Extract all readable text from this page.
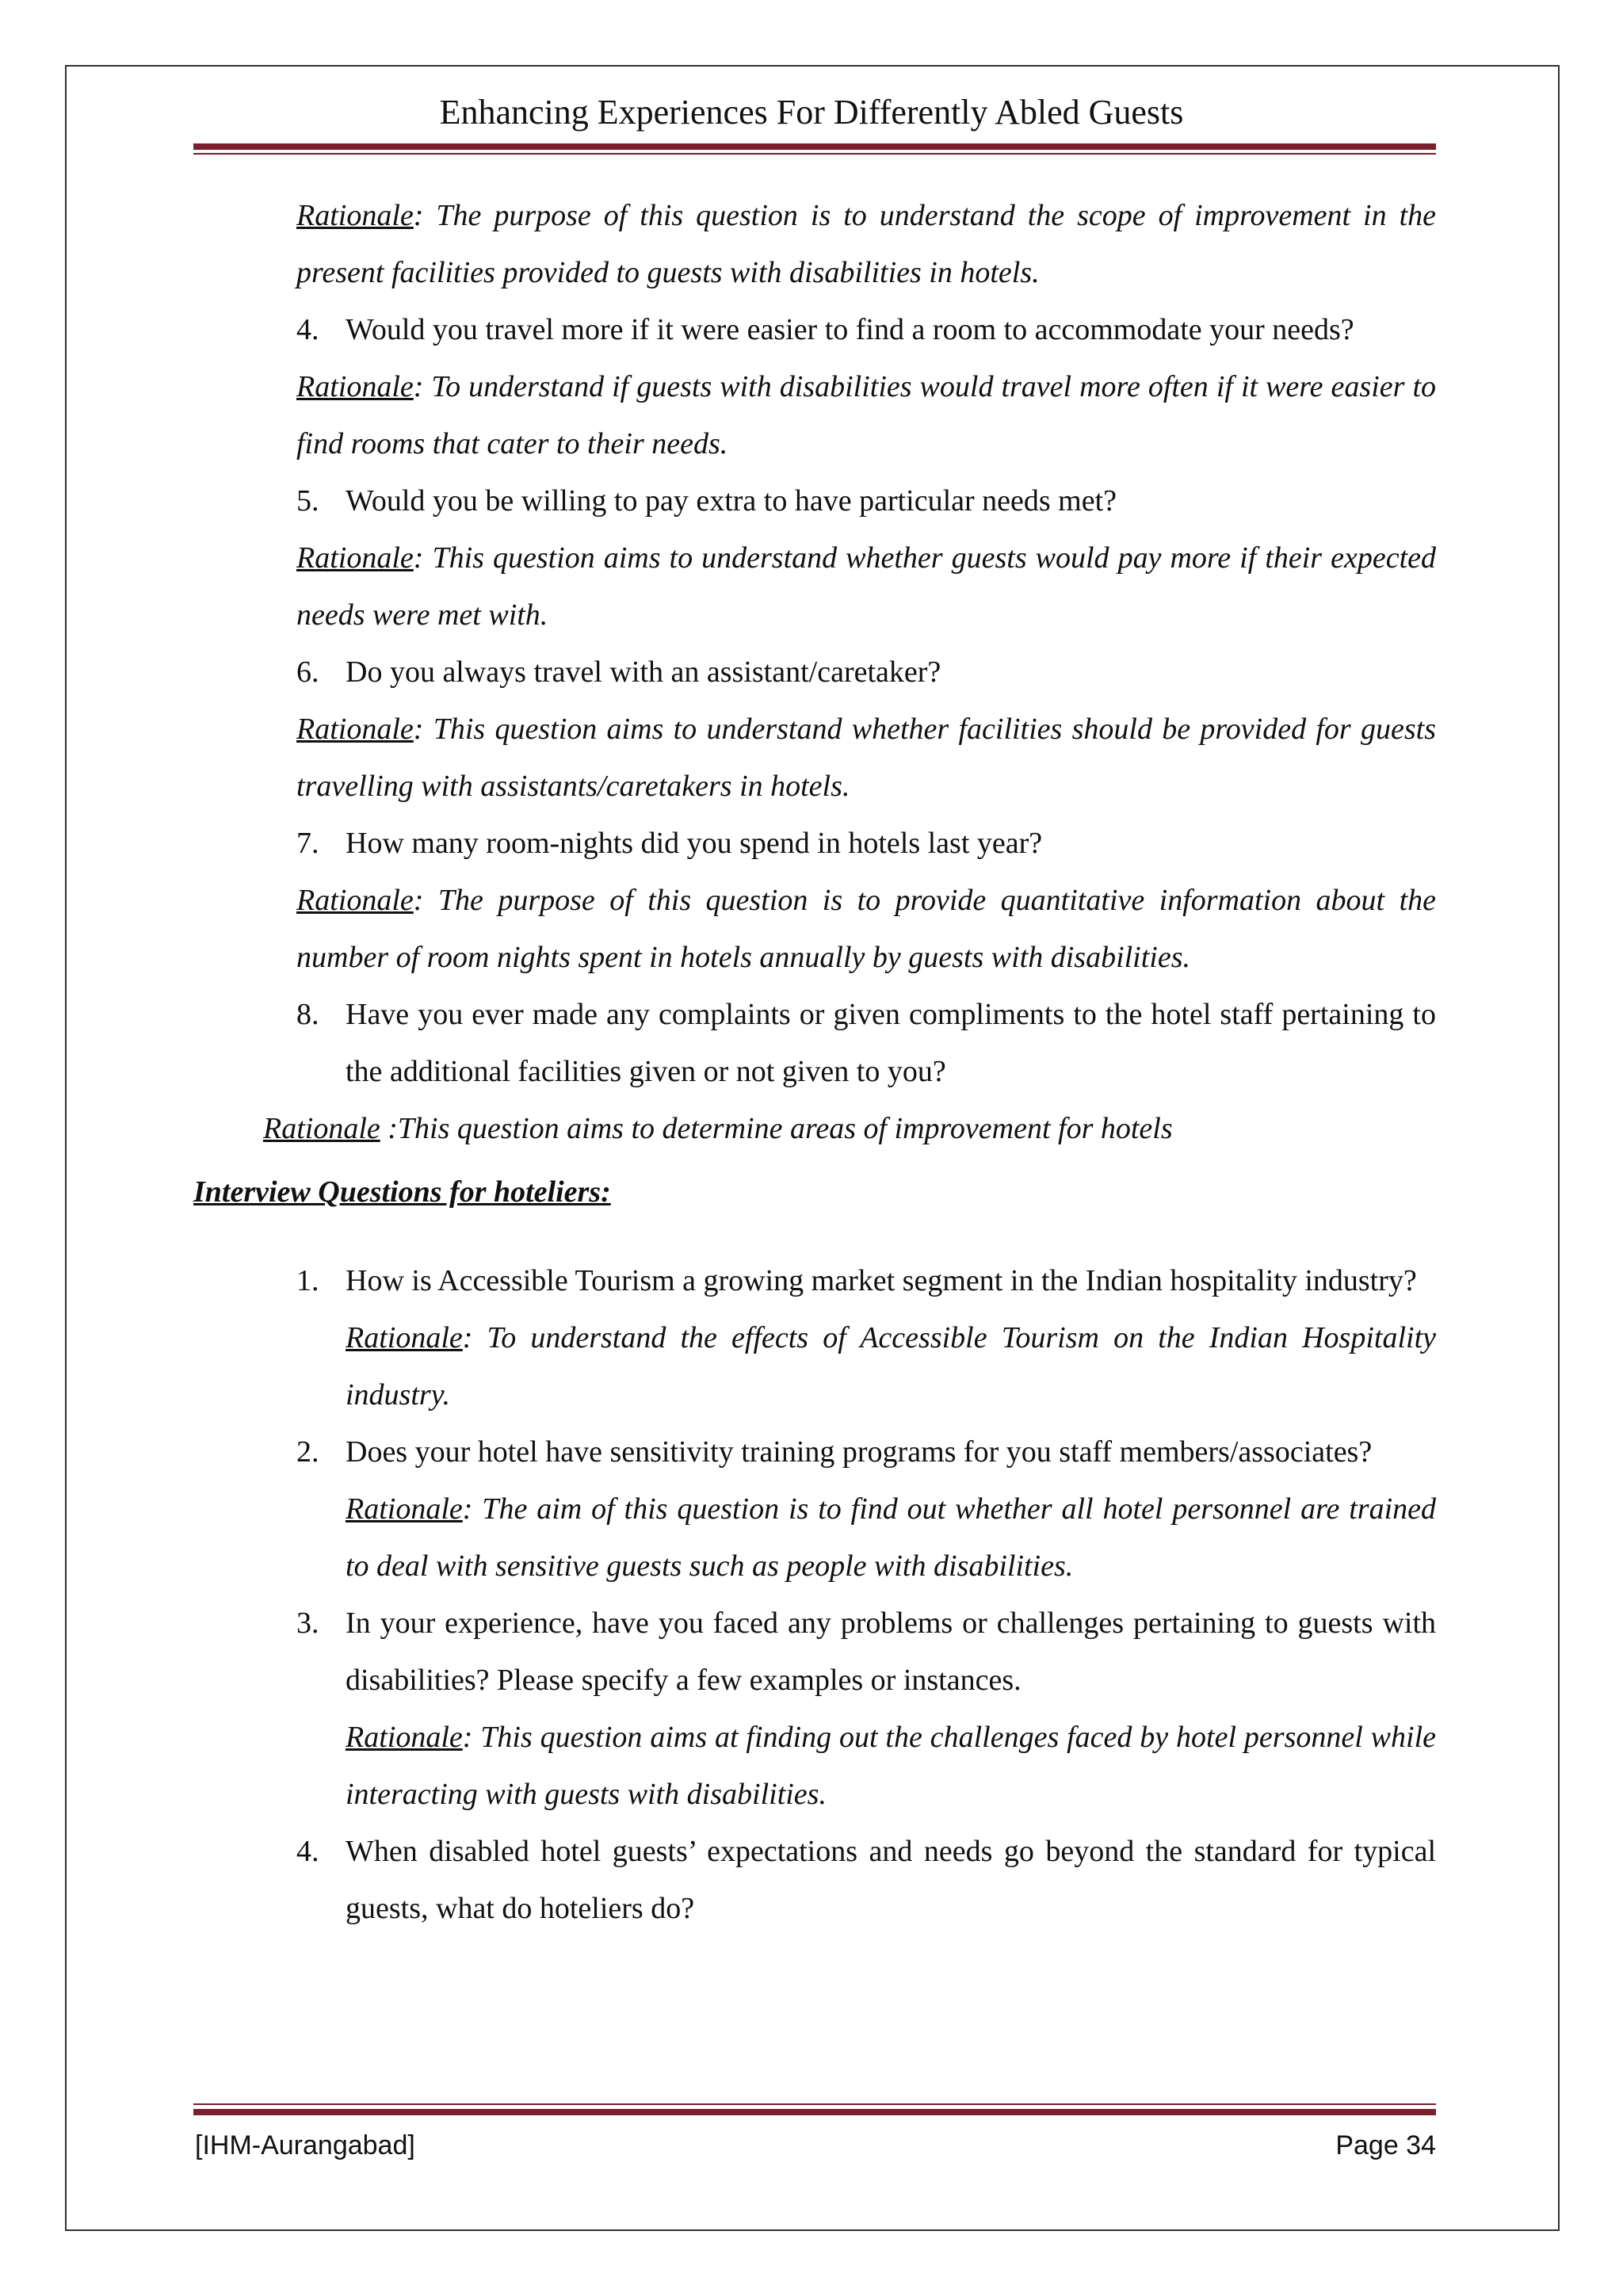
Enhancing Experiences For Differently Abled Guests

Rationale: The purpose of this question is to understand the scope of improvement in the present facilities provided to guests with disabilities in hotels.

4. Would you travel more if it were easier to find a room to accommodate your needs?

Rationale: To understand if guests with disabilities would travel more often if it were easier to find rooms that cater to their needs.

5. Would you be willing to pay extra to have particular needs met?

Rationale: This question aims to understand whether guests would pay more if their expected needs were met with.

6. Do you always travel with an assistant/caretaker?

Rationale: This question aims to understand whether facilities should be provided for guests travelling with assistants/caretakers in hotels.

7. How many room-nights did you spend in hotels last year?

Rationale: The purpose of this question is to provide quantitative information about the number of room nights spent in hotels annually by guests with disabilities.

8. Have you ever made any complaints or given compliments to the hotel staff pertaining to the additional facilities given or not given to you?

Rationale :This question aims to determine areas of improvement for hotels

Interview Questions for hoteliers:
1. How is Accessible Tourism a growing market segment in the Indian hospitality industry?

Rationale: To understand the effects of Accessible Tourism on the Indian Hospitality industry.

2. Does your hotel have sensitivity training programs for you staff members/associates?

Rationale: The aim of this question is to find out whether all hotel personnel are trained to deal with sensitive guests such as people with disabilities.

3. In your experience, have you faced any problems or challenges pertaining to guests with disabilities? Please specify a few examples or instances.

Rationale: This question aims at finding out the challenges faced by hotel personnel while interacting with guests with disabilities.

4. When disabled hotel guests’ expectations and needs go beyond the standard for typical guests, what do hoteliers do?
[IHM-Aurangabad]	Page 34
